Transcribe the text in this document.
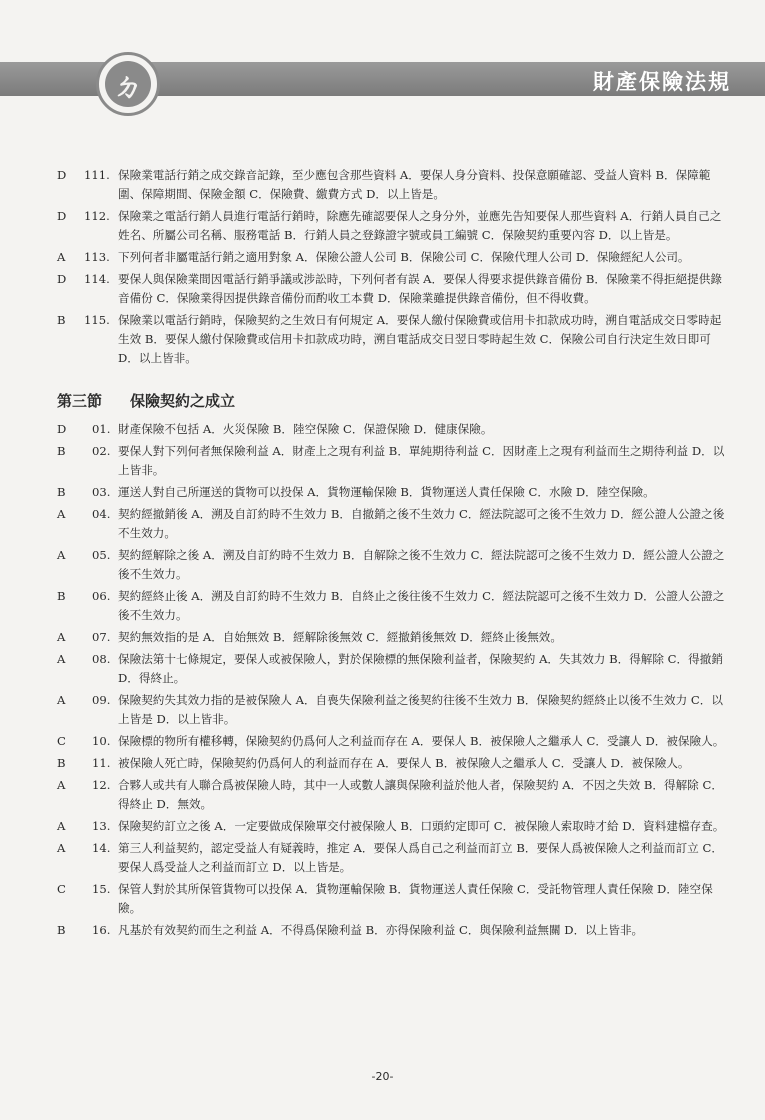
ㄉ	財產保險法規
D	111. 保險業電話行銷之成交錄音記錄，至少應包含那些資料 A．要保人身分資料、投保意願確認、受益人資料 B．保障範圍、保障期間、保險金額 C．保險費、繳費方式 D．以上皆是。
D	112. 保險業之電話行銷人員進行電話行銷時，除應先確認要保人之身分外，並應先告知要保人那些資料 A．行銷人員自己之姓名、所屬公司名稱、服務電話 B．行銷人員之登錄證字號或員工編號 C．保險契約重要內容 D．以上皆是。
A	113. 下列何者非屬電話行銷之適用對象 A．保險公證人公司 B．保險公司 C．保險代理人公司 D．保險經紀人公司。
D	114. 要保人與保險業間因電話行銷爭議或涉訟時，下列何者有誤 A．要保人得要求提供錄音備份 B．保險業不得拒絕提供錄音備份 C．保險業得因提供錄音備份而酌收工本費 D．保險業雖提供錄音備份，但不得收費。
B	115. 保險業以電話行銷時，保險契約之生效日有何規定 A．要保人繳付保險費或信用卡扣款成功時，溯自電話成交日零時起生效 B．要保人繳付保險費或信用卡扣款成功時，溯自電話成交日翌日零時起生效 C．保險公司自行決定生效日即可 D．以上皆非。
第三節 保險契約之成立
D	01. 財產保險不包括 A．火災保險 B．陸空保險 C．保證保險 D．健康保險。
B	02. 要保人對下列何者無保險利益 A．財產上之現有利益 B．單純期待利益 C．因財產上之現有利益而生之期待利益 D．以上皆非。
B	03. 運送人對自己所運送的貨物可以投保 A．貨物運輸保險 B．貨物運送人責任保險 C．水險 D．陸空保險。
A	04. 契約經撤銷後 A．溯及自訂約時不生效力 B．自撤銷之後不生效力 C．經法院認可之後不生效力 D．經公證人公證之後不生效力。
A	05. 契約經解除之後 A．溯及自訂約時不生效力 B．自解除之後不生效力 C．經法院認可之後不生效力 D．經公證人公證之後不生效力。
B	06. 契約經終止後 A．溯及自訂約時不生效力 B．自終止之後往後不生效力 C．經法院認可之後不生效力 D．公證人公證之後不生效力。
A	07. 契約無效指的是 A．自始無效 B．經解除後無效 C．經撤銷後無效 D．經終止後無效。
A	08. 保險法第十七條規定，要保人或被保險人，對於保險標的無保險利益者，保險契約 A．失其效力 B．得解除 C．得撤銷 D．得終止。
A	09. 保險契約失其效力指的是被保險人 A．自喪失保險利益之後契約往後不生效力 B．保險契約經終止以後不生效力 C．以上皆是 D．以上皆非。
C	10. 保險標的物所有權移轉，保險契約仍爲何人之利益而存在 A．要保人 B．被保險人之繼承人 C．受讓人 D．被保險人。
B	11. 被保險人死亡時，保險契約仍爲何人的利益而存在 A．要保人 B．被保險人之繼承人 C．受讓人 D．被保險人。
A	12. 合夥人或共有人聯合爲被保險人時，其中一人或數人讓與保險利益於他人者，保險契約 A．不因之失效 B．得解除 C．得終止 D．無效。
A	13. 保險契約訂立之後 A．一定要做成保險單交付被保險人 B．口頭約定即可 C．被保險人索取時才給 D．資料建檔存查。
A	14. 第三人利益契約，認定受益人有疑義時，推定 A．要保人爲自己之利益而訂立 B．要保人爲被保險人之利益而訂立 C．要保人爲受益人之利益而訂立 D．以上皆是。
C	15. 保管人對於其所保管貨物可以投保 A．貨物運輸保險 B．貨物運送人責任保險 C．受託物管理人責任保險 D．陸空保險。
B	16. 凡基於有效契約而生之利益 A．不得爲保險利益 B．亦得保險利益 C．與保險利益無關 D．以上皆非。
-20-
